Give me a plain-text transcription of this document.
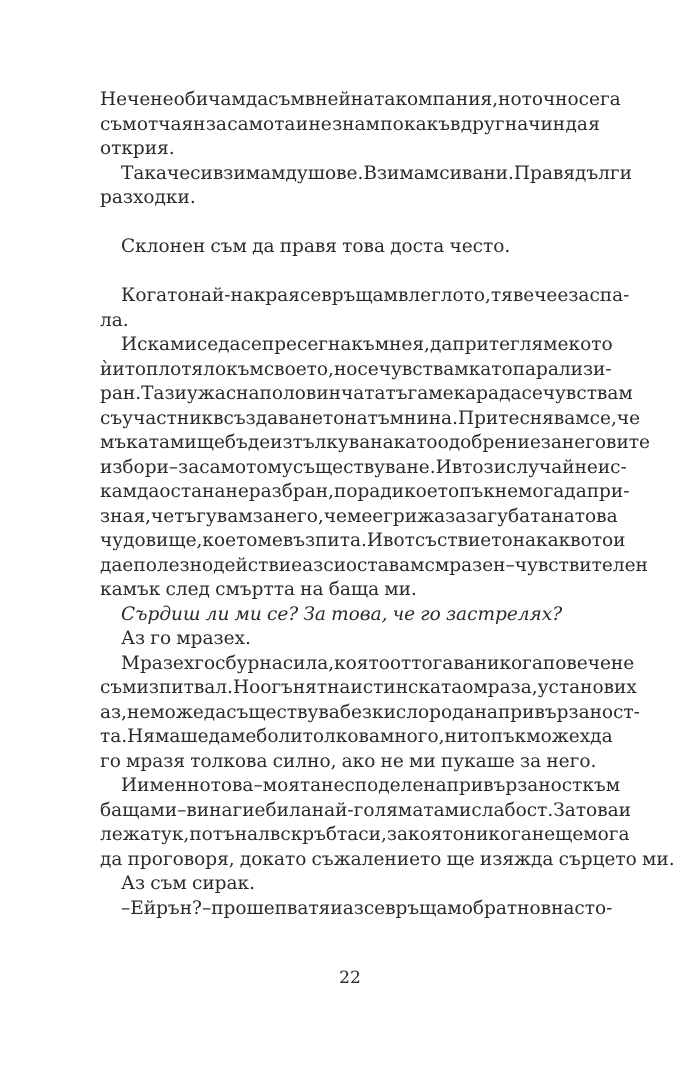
Не че не обичам да съм в нейната компания, но точно сега
съм отчаян за самота и не знам по какъв друг начин да я
открия.
Така че си взимам душове. Взимам си вани. Правя дълги
разходки.
Склонен съм да правя това доста често.
Когато най-накрая се връщам в леглото, тя вече е заспа-
ла.
Иска ми се да се пресегна към нея, да притегля мекото
ѝ и топло тяло към своето, но се чувствам като парализи-
ран. Тази ужасна половинчата тъга ме кара да се чувствам
съучастник в създаването на тъмнина. Притеснявам се, че
мъката ми ще бъде изтълкувана като одобрение за неговите
избори – за самото му съществуване. И в този случай не ис-
кам да остана неразбран, поради което пък не мога да при-
зная, че тъгувам за него, че ме е грижа за загубата на това
чудовище, което ме възпита. И в отсъствието на каквото и
да е полезно действие аз си оставам смразен – чувствителен
камък след смъртта на баща ми.
Сърдиш ли ми се? За това, че го застрелях?
Аз го мразех.
Мразех го с бурна сила, която от тогава никога повече не
съм изпитвал. Но огънят на истинската омраза, установих
аз, не може да съществува без кислорода на привързаност-
та. Нямаше да ме боли толкова много, нито пък можех да
го мразя толкова силно, ако не ми пукаше за него.
И именно това – моята несподелена привързаност към
баща ми – винаги е била най-голямата ми слабост. Затова и
лежа тук, потънал в скръбта си, за която никога не ще мога
да проговоря, докато съжалението ще изяжда сърцето ми.
Аз съм сирак.
– Ейрън? – прошепва тя и аз се връщам обратно в насто-
22
